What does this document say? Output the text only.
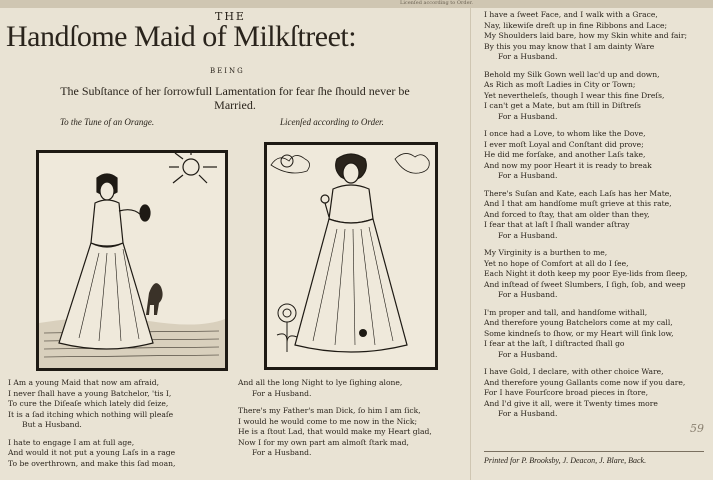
THE
Handſome Maid of Milkſtreet:
BEING
The Subſtance of her ſorrowfull Lamentation for fear ſhe ſhould never be Married.
To the Tune of an Orange.	Licenſed according to Order.
I Am a young Maid that now am afraid,
I never ſhall have a young Batchelor, 'tis I,
To cure the Diſeaſe which lately did ſeize,
It is a ſad itching which nothing will pleaſe
But a Husband.
I hate to engage I am at full age,
And would it not put a young Laſs in a rage
To be overthrown, and make this ſad moan,
And all the long Night to lye ſighing alone,
For a Husband.
There's my Father's man Dick, ſo him I am ſick,
I would he would come to me now in the Nick;
He is a ſtout Lad, that would make my Heart glad,
Now I for my own part am almoſt ſtark mad,
For a Husband.
I have a ſweet Face, and I walk with a Grace,
Nay, likewiſe dreſt up in fine Ribbons and Lace;
My Shoulders laid bare, how my Skin white and fair;
By this you may know that I am dainty Ware
For a Husband.
Behold my Silk Gown well lac'd up and down,
As Rich as moſt Ladies in City or Town;
Yet nevertheleſs, though I wear this fine Dreſs,
I can't get a Mate, but am ſtill in Diſtreſs
For a Husband.
I once had a Love, to whom like the Dove,
I ever moſt Loyal and Conſtant did prove;
He did me forſake, and another Laſs take,
And now my poor Heart it is ready to break
For a Husband.
There's Suſan and Kate, each Laſs has her Mate,
And I that am handſome muſt grieve at this rate,
And forced to ſtay, that am older than they,
I fear that at laſt I ſhall wander aſtray
For a Husband.
My Virginity is a burthen to me,
Yet no hope of Comfort at all do I ſee,
Each Night it doth keep my poor Eye-lids from ſleep,
And inſtead of ſweet Slumbers, I ſigh, ſob, and weep
For a Husband.
I'm proper and tall, and handſome withall,
And therefore young Batchelors come at my call,
Some kindneſs to ſhow, or my Heart will ſink low,
I fear at the laſt, I diſtracted ſhall go
For a Husband.
I have Gold, I declare, with other choice Ware,
And therefore young Gallants come now if you dare,
For I have Fourſcore broad pieces in ſtore,
And I'd give it all, were it Twenty times more
For a Husband.
Printed for P. Brooksby, J. Deacon, J. Blare, Back.
59
Licenſed according to Order.
